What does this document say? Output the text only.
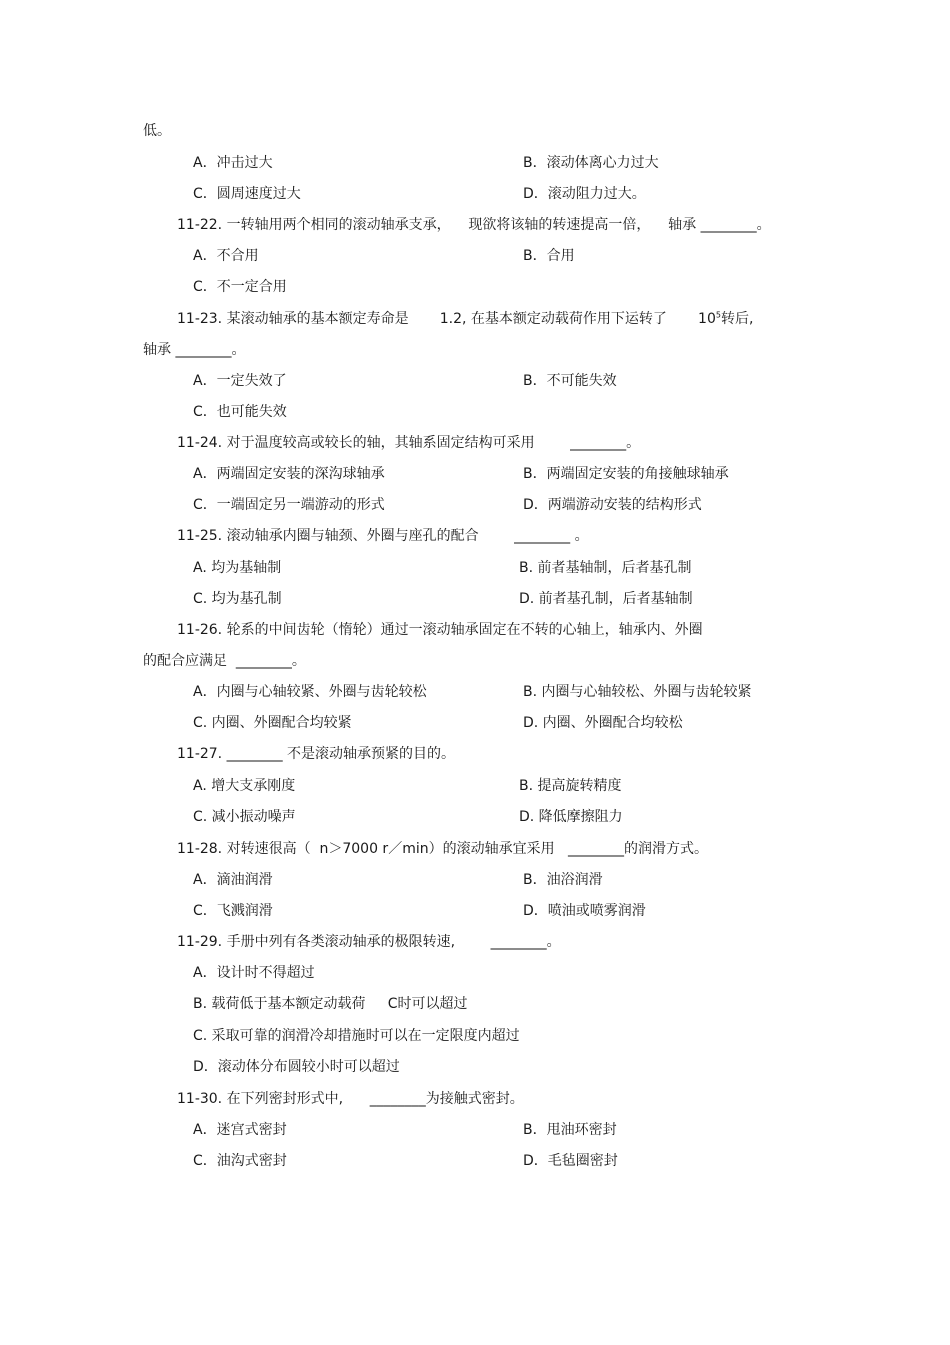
低。
A．冲击过大	B．滚动体离心力过大
C．圆周速度过大	D．滚动阻力过大。
11-22. 一转轴用两个相同的滚动轴承支承，    现欲将该轴的转速提高一倍，    轴承 ________。
A．不合用	B．合用
C．不一定合用
11-23. 某滚动轴承的基本额定寿命是       1.2, 在基本额定动载荷作用下运转了       $10^5$转后,
轴承 ________。
A．一定失效了	B．不可能失效
C．也可能失效
11-24. 对于温度较高或较长的轴，其轴系固定结构可采用        ________。
A．两端固定安装的深沟球轴承	B．两端固定安装的角接触球轴承
C．一端固定另一端游动的形式	D．两端游动安装的结构形式
11-25. 滚动轴承内圈与轴颈、外圈与座孔的配合        ________ 。
A. 均为基轴制	B. 前者基轴制，后者基孔制
C. 均为基孔制	D. 前者基孔制，后者基轴制
11-26. 轮系的中间齿轮（惰轮）通过一滚动轴承固定在不转的心轴上，轴承内、外圈
的配合应满足  ________。
A．内圈与心轴较紧、外圈与齿轮较松	B. 内圈与心轴较松、外圈与齿轮较紧
C. 内圈、外圈配合均较紧	D. 内圈、外圈配合均较松
11-27. ________ 不是滚动轴承预紧的目的。
A. 增大支承刚度	B. 提高旋转精度
C. 减小振动噪声	D. 降低摩擦阻力
11-28. 对转速很高（  n＞7000 r／min）的滚动轴承宜采用   ________的润滑方式。
A．滴油润滑	B．油浴润滑
C．飞溅润滑	D．喷油或喷雾润滑
11-29. 手册中列有各类滚动轴承的极限转速,        ________。
A．设计时不得超过
B. 载荷低于基本额定动载荷     C时可以超过
C. 采取可靠的润滑冷却措施时可以在一定限度内超过
D．滚动体分布圆较小时可以超过
11-30. 在下列密封形式中,      ________为接触式密封。
A．迷宫式密封	B．甩油环密封
C．油沟式密封	D．毛毡圈密封
